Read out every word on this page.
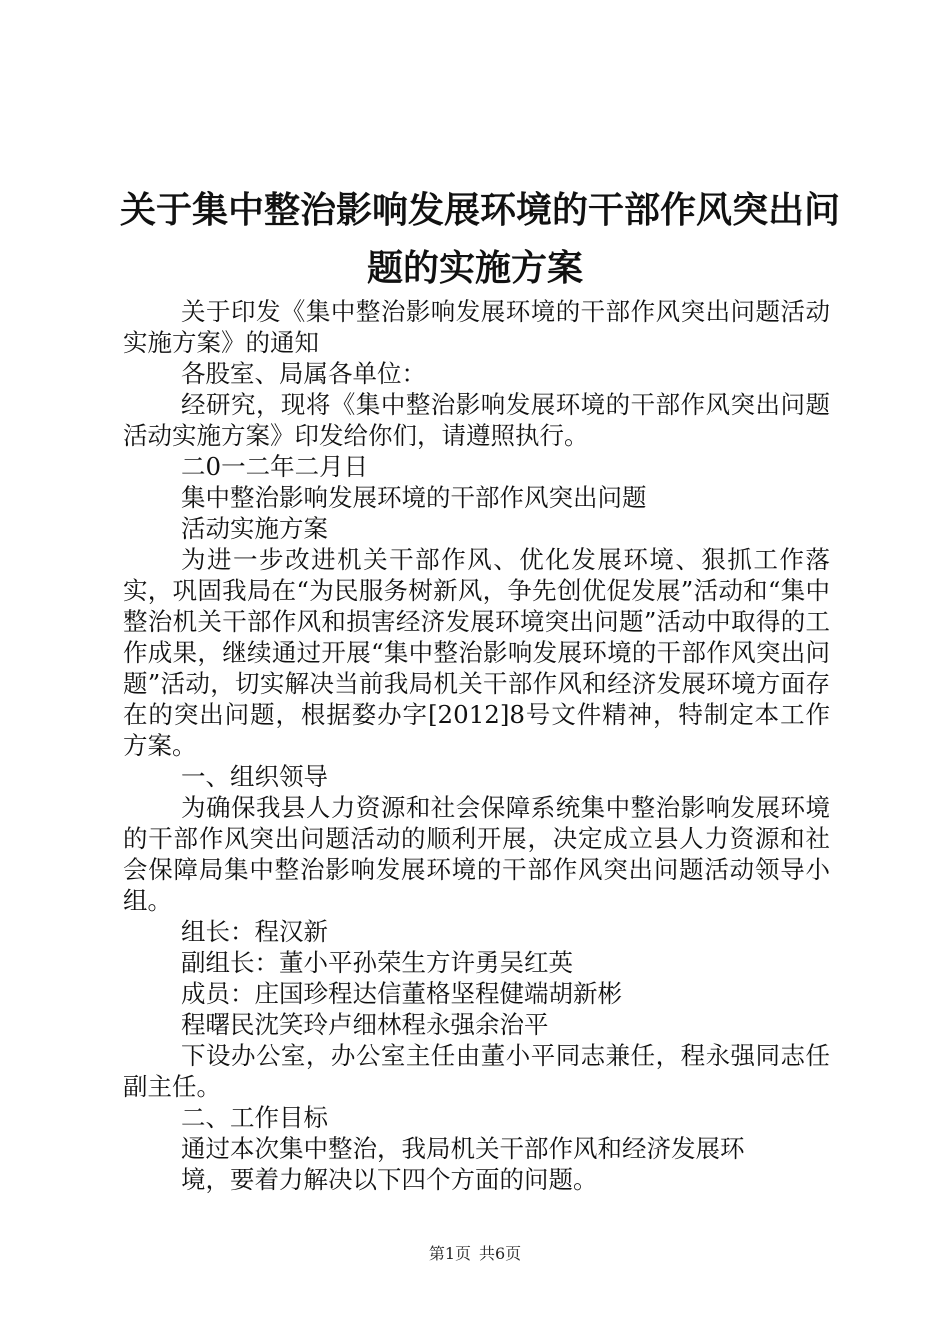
关于集中整治影响发展环境的干部作风突出问
题的实施方案

关于印发《集中整治影响发展环境的干部作风突出问题活动实施方案》的通知

各股室、局属各单位：

经研究，现将《集中整治影响发展环境的干部作风突出问题活动实施方案》印发给你们，请遵照执行。

二0一二年二月日

集中整治影响发展环境的干部作风突出问题

活动实施方案

为进一步改进机关干部作风、优化发展环境、狠抓工作落实，巩固我局在“为民服务树新风，争先创优促发展”活动和“集中整治机关干部作风和损害经济发展环境突出问题”活动中取得的工作成果，继续通过开展“集中整治影响发展环境的干部作风突出问题”活动，切实解决当前我局机关干部作风和经济发展环境方面存在的突出问题，根据婺办字[2012]8号文件精神，特制定本工作方案。

一、组织领导

为确保我县人力资源和社会保障系统集中整治影响发展环境的干部作风突出问题活动的顺利开展，决定成立县人力资源和社会保障局集中整治影响发展环境的干部作风突出问题活动领导小组。

组长：程汉新

副组长：董小平孙荣生方许勇吴红英

成员：庄国珍程达信董格坚程健端胡新彬

程曙民沈笑玲卢细林程永强余治平

下设办公室，办公室主任由董小平同志兼任，程永强同志任副主任。

二、工作目标

通过本次集中整治，我局机关干部作风和经济发展环

境，要着力解决以下四个方面的问题。

第1页 共6页
